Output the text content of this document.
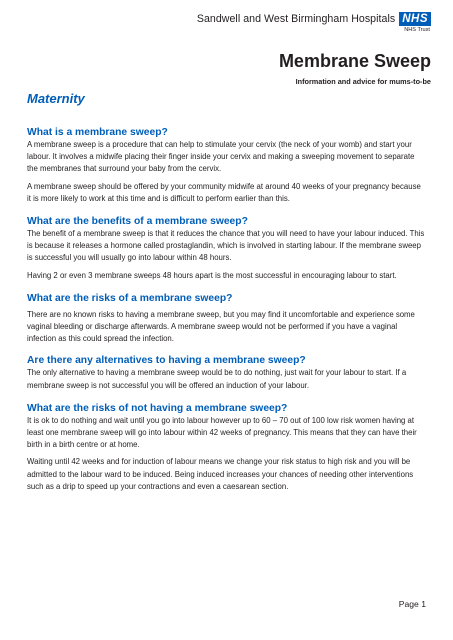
Sandwell and West Birmingham Hospitals NHS
NHS Trust
Membrane Sweep
Information and advice for mums-to-be
Maternity
What is a membrane sweep?

A membrane sweep is a procedure that can help to stimulate your cervix (the neck of your womb) and start your labour. It involves a midwife placing their finger inside your cervix and making a sweeping movement to separate the membranes that surround your baby from the cervix.

A membrane sweep should be offered by your community midwife at around 40 weeks of your pregnancy because it is more likely to work at this time and is difficult to perform earlier than this.

What are the benefits of a membrane sweep?

The benefit of a membrane sweep is that it reduces the chance that you will need to have your labour induced. This is because it releases a hormone called prostaglandin, which is involved in starting labour. If the membrane sweep is successful you will usually go into labour within 48 hours.

Having 2 or even 3 membrane sweeps 48 hours apart is the most successful in encouraging labour to start.

What are the risks of a membrane sweep?

There are no known risks to having a membrane sweep, but you may find it uncomfortable and experience some vaginal bleeding or discharge afterwards. A membrane sweep would not be performed if you have a vaginal infection as this could spread the infection.

Are there any alternatives to having a membrane sweep?

The only alternative to having a membrane sweep would be to do nothing, just wait for your labour to start. If a membrane sweep is not successful you will be offered an induction of your labour.

What are the risks of not having a membrane sweep?

It is ok to do nothing and wait until you go into labour however up to 60 – 70 out of 100 low risk women having at least one membrane sweep will go into labour within 42 weeks of pregnancy. This means that they can have their birth in a birth centre or at home.

Waiting until 42 weeks and for induction of labour means we change your risk status to high risk and you will be admitted to the labour ward to be induced. Being induced increases your chances of needing other interventions such as a drip to speed up your contractions and even a caesarean section.

Page 1
